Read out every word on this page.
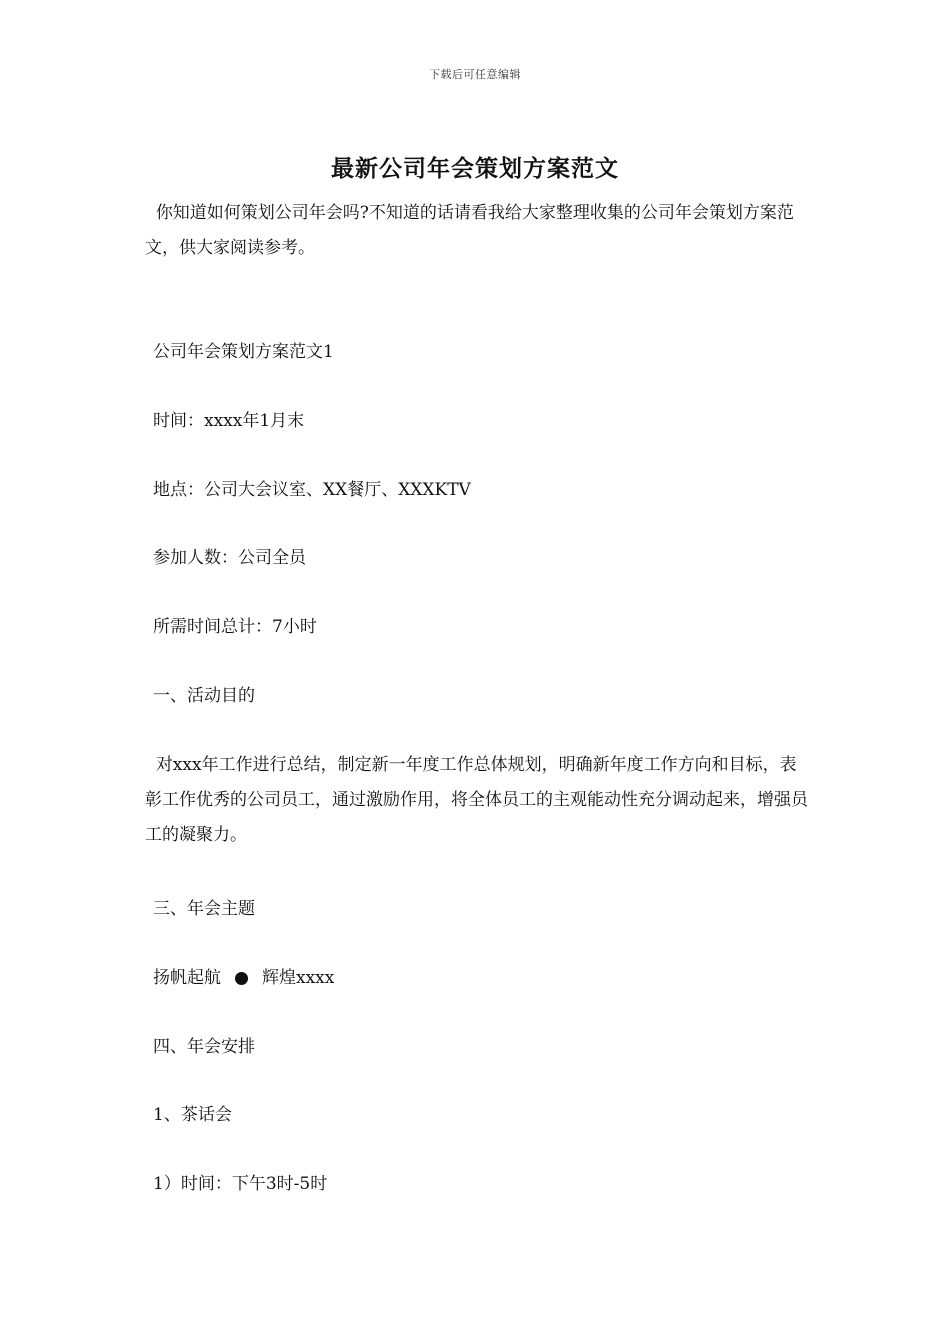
下载后可任意编辑
最新公司年会策划方案范文

你知道如何策划公司年会吗?不知道的话请看我给大家整理收集的公司年会策划方案范文，供大家阅读参考。

公司年会策划方案范文1

时间：xxxx年1月末

地点：公司大会议室、XX餐厅、XXXKTV

参加人数：公司全员

所需时间总计：7小时

一、活动目的

对xxx年工作进行总结，制定新一年度工作总体规划，明确新年度工作方向和目标，表彰工作优秀的公司员工，通过激励作用，将全体员工的主观能动性充分调动起来，增强员工的凝聚力。

三、年会主题

扬帆起航 辉煌xxxx

四、年会安排

1、茶话会

1）时间：下午3时-5时
